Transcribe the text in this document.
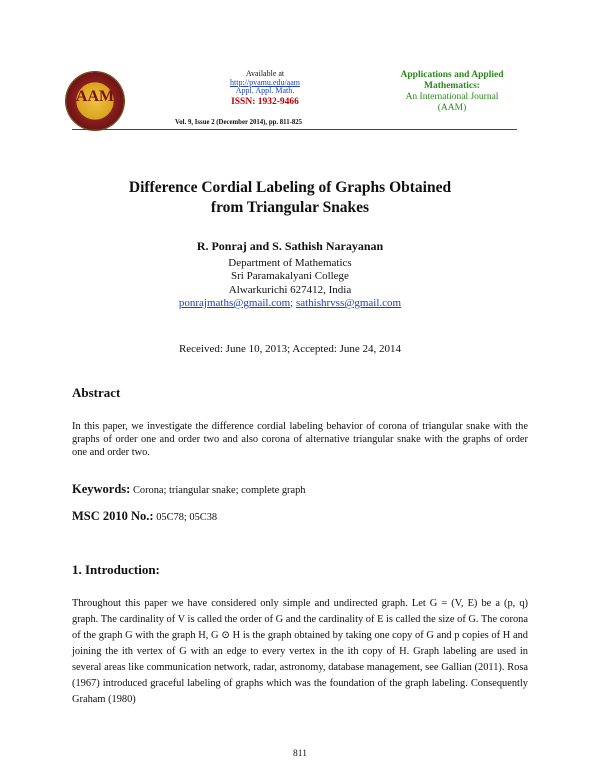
AAM
Available at
http://pvamu.edu/aam
Appl. Appl. Math.
ISSN: 1932-9466
Applications and Applied Mathematics:
An International Journal
(AAM)
Vol. 9, Issue 2 (December 2014), pp. 811-825
Difference Cordial Labeling of Graphs Obtained
from Triangular Snakes
R. Ponraj and S. Sathish Narayanan
Department of Mathematics
Sri Paramakalyani College
Alwarkurichi 627412, India
ponrajmaths@gmail.com; sathishrvss@gmail.com
Received: June 10, 2013; Accepted: June 24, 2014
Abstract
In this paper, we investigate the difference cordial labeling behavior of corona of triangular snake with the graphs of order one and order two and also corona of alternative triangular snake with the graphs of order one and order two.
Keywords: Corona; triangular snake; complete graph
MSC 2010 No.: 05C78; 05C38
1. Introduction:
Throughout this paper we have considered only simple and undirected graph. Let G = (V, E) be a (p, q) graph. The cardinality of V is called the order of G and the cardinality of E is called the size of G. The corona of the graph G with the graph H, G ⊙ H is the graph obtained by taking one copy of G and p copies of H and joining the ith vertex of G with an edge to every vertex in the ith copy of H. Graph labeling are used in several areas like communication network, radar, astronomy, database management, see Gallian (2011). Rosa (1967) introduced graceful labeling of graphs which was the foundation of the graph labeling. Consequently Graham (1980)
811
